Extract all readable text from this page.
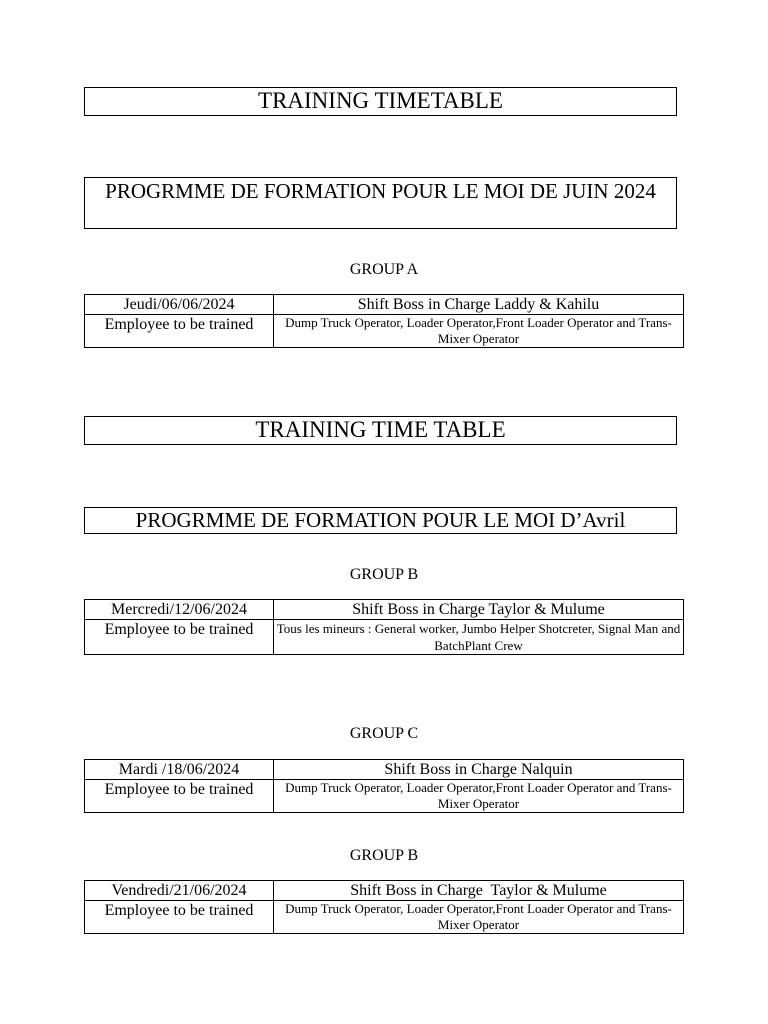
TRAINING TIMETABLE
PROGRMME DE FORMATION POUR LE MOI DE JUIN 2024
GROUP A
Jeudi/06/06/2024	Shift Boss in Charge Laddy & Kahilu
Employee to be trained	Dump Truck Operator, Loader Operator,Front Loader Operator and Trans-Mixer Operator
TRAINING TIME TABLE
PROGRMME DE FORMATION POUR LE MOI D’Avril
GROUP B
Mercredi/12/06/2024	Shift Boss in Charge Taylor & Mulume
Employee to be trained	Tous les mineurs : General worker, Jumbo Helper Shotcreter, Signal Man and BatchPlant Crew
GROUP C
Mardi /18/06/2024	Shift Boss in Charge Nalquin
Employee to be trained	Dump Truck Operator, Loader Operator,Front Loader Operator and Trans-Mixer Operator
GROUP B
Vendredi/21/06/2024	Shift Boss in Charge  Taylor & Mulume
Employee to be trained	Dump Truck Operator, Loader Operator,Front Loader Operator and Trans-Mixer Operator
